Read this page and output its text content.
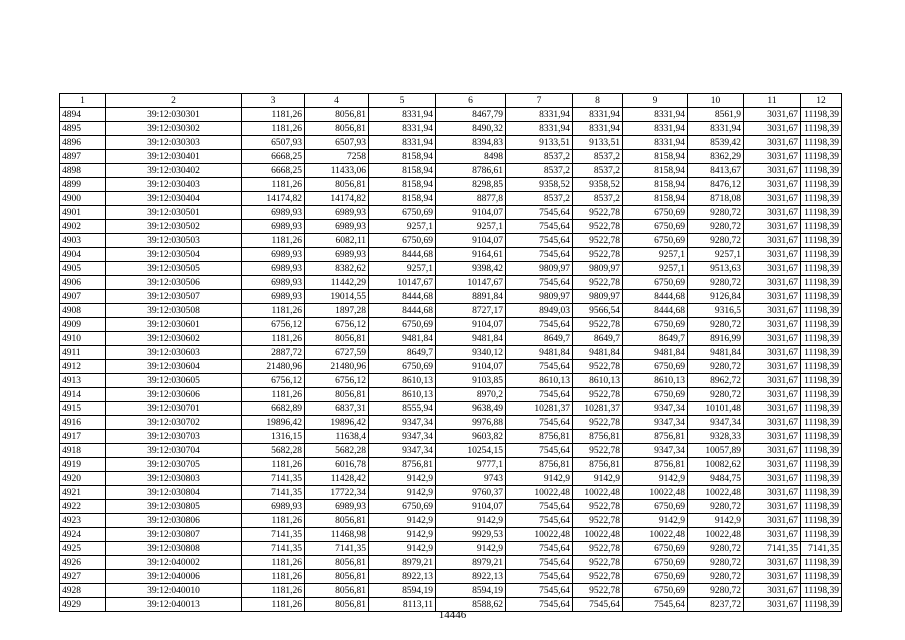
1	2	3	4	5	6	7	8	9	10	11	12
4894	39:12:030301	1181,26	8056,81	8331,94	8467,79	8331,94	8331,94	8331,94	8561,9	3031,67	11198,39
4895	39:12:030302	1181,26	8056,81	8331,94	8490,32	8331,94	8331,94	8331,94	8331,94	3031,67	11198,39
4896	39:12:030303	6507,93	6507,93	8331,94	8394,83	9133,51	9133,51	8331,94	8539,42	3031,67	11198,39
4897	39:12:030401	6668,25	7258	8158,94	8498	8537,2	8537,2	8158,94	8362,29	3031,67	11198,39
4898	39:12:030402	6668,25	11433,06	8158,94	8786,61	8537,2	8537,2	8158,94	8413,67	3031,67	11198,39
4899	39:12:030403	1181,26	8056,81	8158,94	8298,85	9358,52	9358,52	8158,94	8476,12	3031,67	11198,39
4900	39:12:030404	14174,82	14174,82	8158,94	8877,8	8537,2	8537,2	8158,94	8718,08	3031,67	11198,39
4901	39:12:030501	6989,93	6989,93	6750,69	9104,07	7545,64	9522,78	6750,69	9280,72	3031,67	11198,39
4902	39:12:030502	6989,93	6989,93	9257,1	9257,1	7545,64	9522,78	6750,69	9280,72	3031,67	11198,39
4903	39:12:030503	1181,26	6082,11	6750,69	9104,07	7545,64	9522,78	6750,69	9280,72	3031,67	11198,39
4904	39:12:030504	6989,93	6989,93	8444,68	9164,61	7545,64	9522,78	9257,1	9257,1	3031,67	11198,39
4905	39:12:030505	6989,93	8382,62	9257,1	9398,42	9809,97	9809,97	9257,1	9513,63	3031,67	11198,39
4906	39:12:030506	6989,93	11442,29	10147,67	10147,67	7545,64	9522,78	6750,69	9280,72	3031,67	11198,39
4907	39:12:030507	6989,93	19014,55	8444,68	8891,84	9809,97	9809,97	8444,68	9126,84	3031,67	11198,39
4908	39:12:030508	1181,26	1897,28	8444,68	8727,17	8949,03	9566,54	8444,68	9316,5	3031,67	11198,39
4909	39:12:030601	6756,12	6756,12	6750,69	9104,07	7545,64	9522,78	6750,69	9280,72	3031,67	11198,39
4910	39:12:030602	1181,26	8056,81	9481,84	9481,84	8649,7	8649,7	8649,7	8916,99	3031,67	11198,39
4911	39:12:030603	2887,72	6727,59	8649,7	9340,12	9481,84	9481,84	9481,84	9481,84	3031,67	11198,39
4912	39:12:030604	21480,96	21480,96	6750,69	9104,07	7545,64	9522,78	6750,69	9280,72	3031,67	11198,39
4913	39:12:030605	6756,12	6756,12	8610,13	9103,85	8610,13	8610,13	8610,13	8962,72	3031,67	11198,39
4914	39:12:030606	1181,26	8056,81	8610,13	8970,2	7545,64	9522,78	6750,69	9280,72	3031,67	11198,39
4915	39:12:030701	6682,89	6837,31	8555,94	9638,49	10281,37	10281,37	9347,34	10101,48	3031,67	11198,39
4916	39:12:030702	19896,42	19896,42	9347,34	9976,88	7545,64	9522,78	9347,34	9347,34	3031,67	11198,39
4917	39:12:030703	1316,15	11638,4	9347,34	9603,82	8756,81	8756,81	8756,81	9328,33	3031,67	11198,39
4918	39:12:030704	5682,28	5682,28	9347,34	10254,15	7545,64	9522,78	9347,34	10057,89	3031,67	11198,39
4919	39:12:030705	1181,26	6016,78	8756,81	9777,1	8756,81	8756,81	8756,81	10082,62	3031,67	11198,39
4920	39:12:030803	7141,35	11428,42	9142,9	9743	9142,9	9142,9	9142,9	9484,75	3031,67	11198,39
4921	39:12:030804	7141,35	17722,34	9142,9	9760,37	10022,48	10022,48	10022,48	10022,48	3031,67	11198,39
4922	39:12:030805	6989,93	6989,93	6750,69	9104,07	7545,64	9522,78	6750,69	9280,72	3031,67	11198,39
4923	39:12:030806	1181,26	8056,81	9142,9	9142,9	7545,64	9522,78	9142,9	9142,9	3031,67	11198,39
4924	39:12:030807	7141,35	11468,98	9142,9	9929,53	10022,48	10022,48	10022,48	10022,48	3031,67	11198,39
4925	39:12:030808	7141,35	7141,35	9142,9	9142,9	7545,64	9522,78	6750,69	9280,72	7141,35	7141,35
4926	39:12:040002	1181,26	8056,81	8979,21	8979,21	7545,64	9522,78	6750,69	9280,72	3031,67	11198,39
4927	39:12:040006	1181,26	8056,81	8922,13	8922,13	7545,64	9522,78	6750,69	9280,72	3031,67	11198,39
4928	39:12:040010	1181,26	8056,81	8594,19	8594,19	7545,64	9522,78	6750,69	9280,72	3031,67	11198,39
4929	39:12:040013	1181,26	8056,81	8113,11	8588,62	7545,64	7545,64	7545,64	8237,72	3031,67	11198,39
14446
